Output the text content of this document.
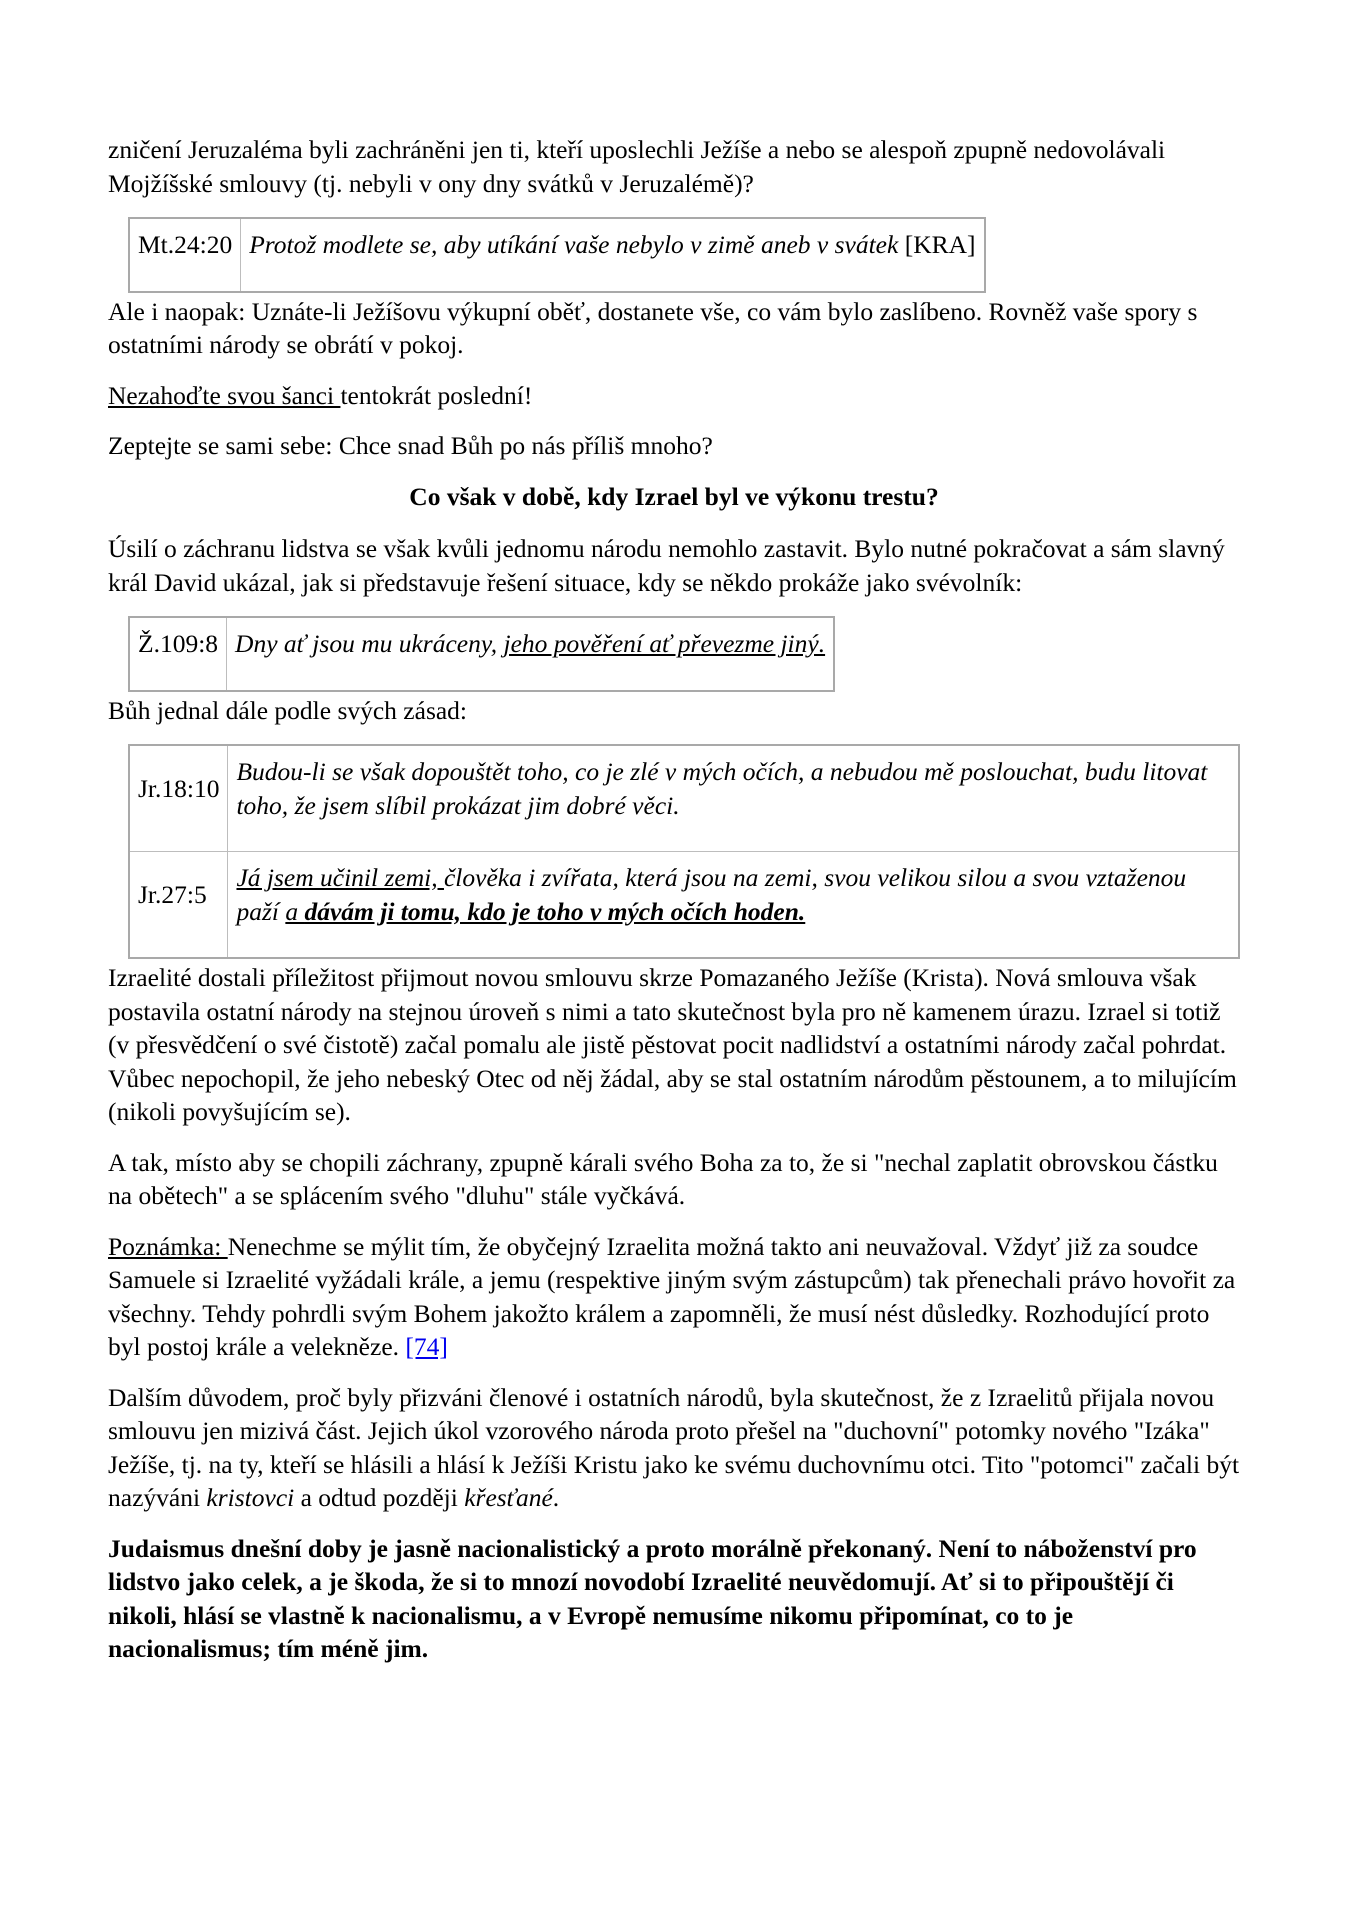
zničení Jeruzaléma byli zachráněni jen ti, kteří uposlechli Ježíše a nebo se alespoň zpupně nedovolávali Mojžíšské smlouvy (tj. nebyli v ony dny svátků v Jeruzalémě)?

Mt.24:20	Protož modlete se, aby utíkání vaše nebylo v zimě aneb v svátek [KRA]

Ale i naopak: Uznáte-li Ježíšovu výkupní oběť, dostanete vše, co vám bylo zaslíbeno. Rovněž vaše spory s ostatními národy se obrátí v pokoj.

Nezahoďte svou šanci tentokrát poslední!

Zeptejte se sami sebe: Chce snad Bůh po nás příliš mnoho?

Co však v době, kdy Izrael byl ve výkonu trestu?

Úsilí o záchranu lidstva se však kvůli jednomu národu nemohlo zastavit. Bylo nutné pokračovat a sám slavný král David ukázal, jak si představuje řešení situace, kdy se někdo prokáže jako svévolník:

Ž.109:8	Dny ať jsou mu ukráceny, jeho pověření ať převezme jiný.

Bůh jednal dále podle svých zásad:

Jr.18:10	Budou-li se však dopouštět toho, co je zlé v mých očích, a nebudou mě poslouchat, budu litovat toho, že jsem slíbil prokázat jim dobré věci.

Jr.27:5	Já jsem učinil zemi, člověka i zvířata, která jsou na zemi, svou velikou silou a svou vztaženou paží a dávám ji tomu, kdo je toho v mých očích hoden.

Izraelité dostali příležitost přijmout novou smlouvu skrze Pomazaného Ježíše (Krista). Nová smlouva však postavila ostatní národy na stejnou úroveň s nimi a tato skutečnost byla pro ně kamenem úrazu. Izrael si totiž (v přesvědčení o své čistotě) začal pomalu ale jistě pěstovat pocit nadlidství a ostatními národy začal pohrdat. Vůbec nepochopil, že jeho nebeský Otec od něj žádal, aby se stal ostatním národům pěstounem, a to milujícím (nikoli povyšujícím se).

A tak, místo aby se chopili záchrany, zpupně kárali svého Boha za to, že si "nechal zaplatit obrovskou částku na obětech" a se splácením svého "dluhu" stále vyčkává.

Poznámka: Nenechme se mýlit tím, že obyčejný Izraelita možná takto ani neuvažoval. Vždyť již za soudce Samuele si Izraelité vyžádali krále, a jemu (respektive jiným svým zástupcům) tak přenechali právo hovořit za všechny. Tehdy pohrdli svým Bohem jakožto králem a zapomněli, že musí nést důsledky. Rozhodující proto byl postoj krále a velekněze. [74]

Dalším důvodem, proč byly přizváni členové i ostatních národů, byla skutečnost, že z Izraelitů přijala novou smlouvu jen mizivá část. Jejich úkol vzorového národa proto přešel na "duchovní" potomky nového "Izáka" Ježíše, tj. na ty, kteří se hlásili a hlásí k Ježíši Kristu jako ke svému duchovnímu otci. Tito "potomci" začali být nazýváni kristovci a odtud později křesťané.

Judaismus dnešní doby je jasně nacionalistický a proto morálně překonaný. Není to náboženství pro lidstvo jako celek, a je škoda, že si to mnozí novodobí Izraelité neuvědomují. Ať si to připouštějí či nikoli, hlásí se vlastně k nacionalismu, a v Evropě nemusíme nikomu připomínat, co to je nacionalismus; tím méně jim.
